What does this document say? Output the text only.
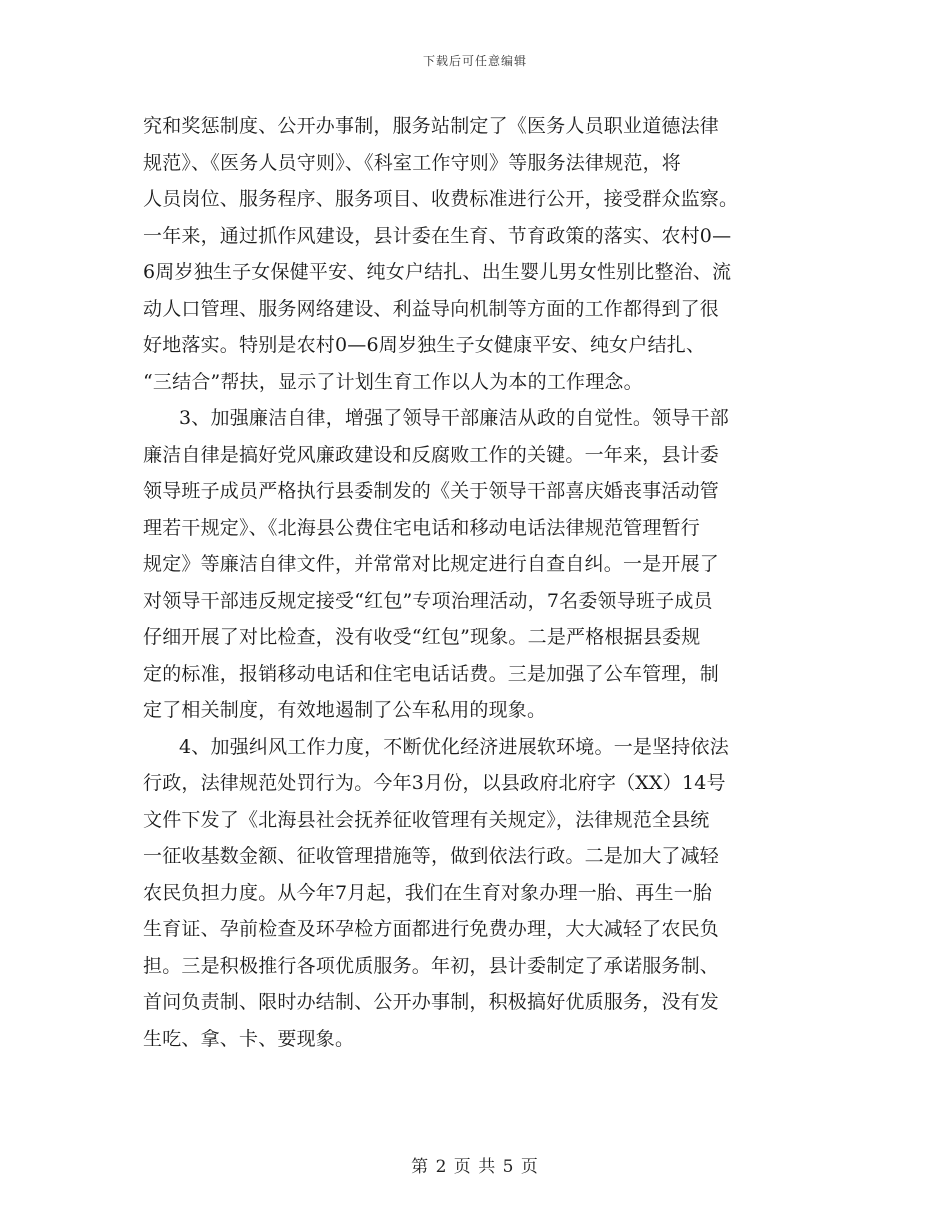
下载后可任意编辑
究和奖惩制度、公开办事制，服务站制定了《医务人员职业道德法律
规范》、《医务人员守则》、《科室工作守则》等服务法律规范，将
人员岗位、服务程序、服务项目、收费标准进行公开，接受群众监察。
一年来，通过抓作风建设，县计委在生育、节育政策的落实、农村0—
6周岁独生子女保健平安、纯女户结扎、出生婴儿男女性别比整治、流
动人口管理、服务网络建设、利益导向机制等方面的工作都得到了很
好地落实。特别是农村0—6周岁独生子女健康平安、纯女户结扎、
“三结合”帮扶，显示了计划生育工作以人为本的工作理念。
3、加强廉洁自律，增强了领导干部廉洁从政的自觉性。领导干部
廉洁自律是搞好党风廉政建设和反腐败工作的关键。一年来，县计委
领导班子成员严格执行县委制发的《关于领导干部喜庆婚丧事活动管
理若干规定》、《北海县公费住宅电话和移动电话法律规范管理暂行
规定》等廉洁自律文件，并常常对比规定进行自查自纠。一是开展了
对领导干部违反规定接受“红包”专项治理活动，7名委领导班子成员
仔细开展了对比检查，没有收受“红包”现象。二是严格根据县委规
定的标准，报销移动电话和住宅电话话费。三是加强了公车管理，制
定了相关制度，有效地遏制了公车私用的现象。
4、加强纠风工作力度，不断优化经济进展软环境。一是坚持依法
行政，法律规范处罚行为。今年3月份，以县政府北府字（XX）14号
文件下发了《北海县社会抚养征收管理有关规定》，法律规范全县统
一征收基数金额、征收管理措施等，做到依法行政。二是加大了减轻
农民负担力度。从今年7月起，我们在生育对象办理一胎、再生一胎
生育证、孕前检查及环孕检方面都进行免费办理，大大减轻了农民负
担。三是积极推行各项优质服务。年初，县计委制定了承诺服务制、
首问负责制、限时办结制、公开办事制，积极搞好优质服务，没有发
生吃、拿、卡、要现象。
第 2 页 共 5 页
